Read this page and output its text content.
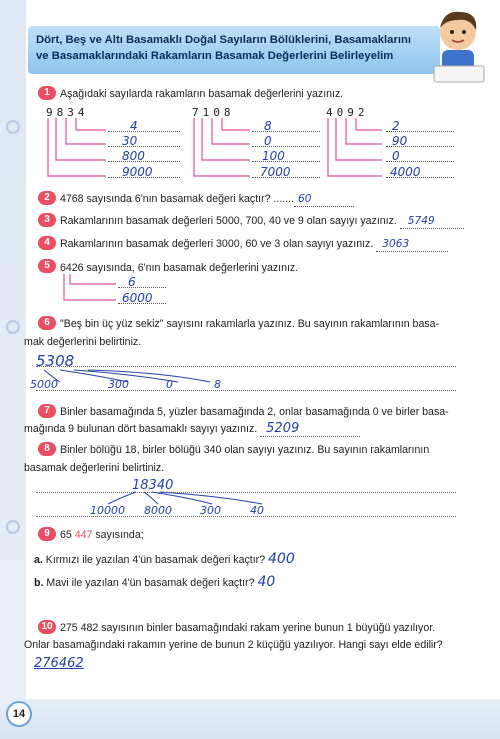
Dört, Beş ve Altı Basamaklı Doğal Sayıların Bölüklerini, Basamaklarını
ve Basamaklarındaki Rakamların Basamak Değerlerini Belirleyelim
1 Aşağıdaki sayılarda rakamların basamak değerlerini yazınız.
9834	7108	4092
4
30
800
9000
8
0
100
7000
2
90
0
4000
2 4768 sayısında 6'nın basamak değeri kaçtır? ....... 60
3 Rakamlarının basamak değerleri 5000, 700, 40 ve 9 olan sayıyı yazınız. 5749
4 Rakamlarının basamak değerleri 3000, 60 ve 3 olan sayıyı yazınız. 3063
5 6426 sayısında, 6'nın basamak değerlerini yazınız.
6
6000
6 "Beş bin üç yüz sekiz" sayısını rakamlarla yazınız. Bu sayının rakamlarının basa-
mak değerlerini belirtiniz.
5308
5000	300	0	8
7 Binler basamağında 5, yüzler basamağında 2, onlar basamağında 0 ve birler basa-
mağında 9 bulunan dört basamaklı sayıyı yazınız. 5209
8 Binler bölüğü 18, birler bölüğü 340 olan sayıyı yazınız. Bu sayının rakamlarının
basamak değerlerini belirtiniz.
18340
10000 8000	300	40
9 65 447 sayısında;
a. Kırmızı ile yazılan 4'ün basamak değeri kaçtır? 400
b. Mavi ile yazılan 4'ün basamak değeri kaçtır? 40
10 275 482 sayısının binler basamağındaki rakam yerine bunun 1 büyüğü yazılıyor.
Onlar basamağındaki rakamın yerine de bunun 2 küçüğü yazılıyor. Hangi sayı elde edilir?
276462
14
